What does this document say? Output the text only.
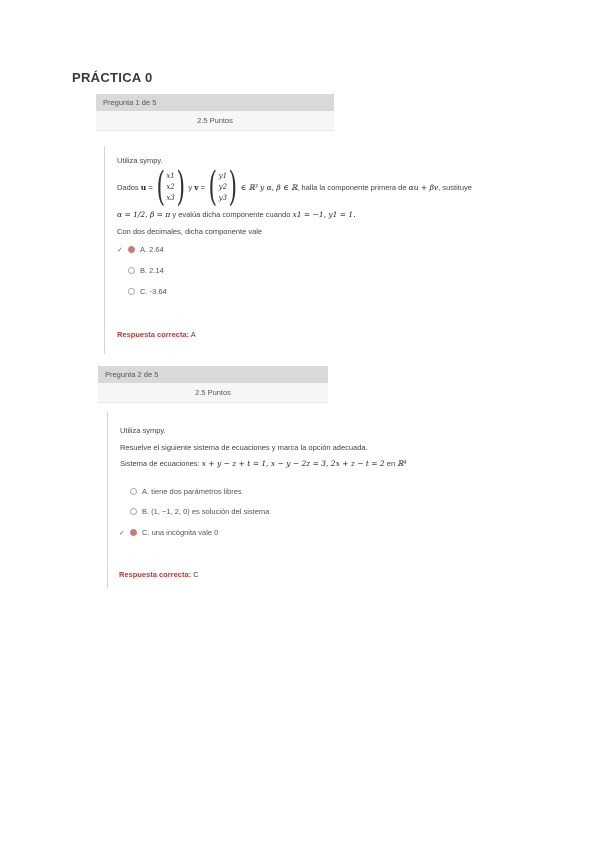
PRÁCTICA 0
Pregunta 1 de 5
2.5 Puntos
Utiliza sympy.
Dados
u
= ( x1
x2
x3 ) y
v
= ( y1
y2
y3 ) ∈ ℝ³
y α, β ∈ ℝ , halla la componente primera de
αu + βv , sustituye
α = 1/2, β = π y evalúa dicha componente cuando x1 = −1, y1 = 1.
Con dos decimales, dicha componente vale
✓ A. 2.64
B. 2.14
C. -3.64
Respuesta correcta: A
Pregunta 2 de 5
2.5 Puntos
Utiliza sympy.
Resuelve el siguiente sistema de ecuaciones y marca la opción adecuada.
Sistema de ecuaciones: x + y − z + t = 1, x − y − 2z = 3, 2x + z − t = 2 en ℝ⁴
A. tiene dos parámetros libres
B. (1, −1, 2, 0) es solución del sistema
✓ C. una incógnita vale 0
Respuesta correcta: C
